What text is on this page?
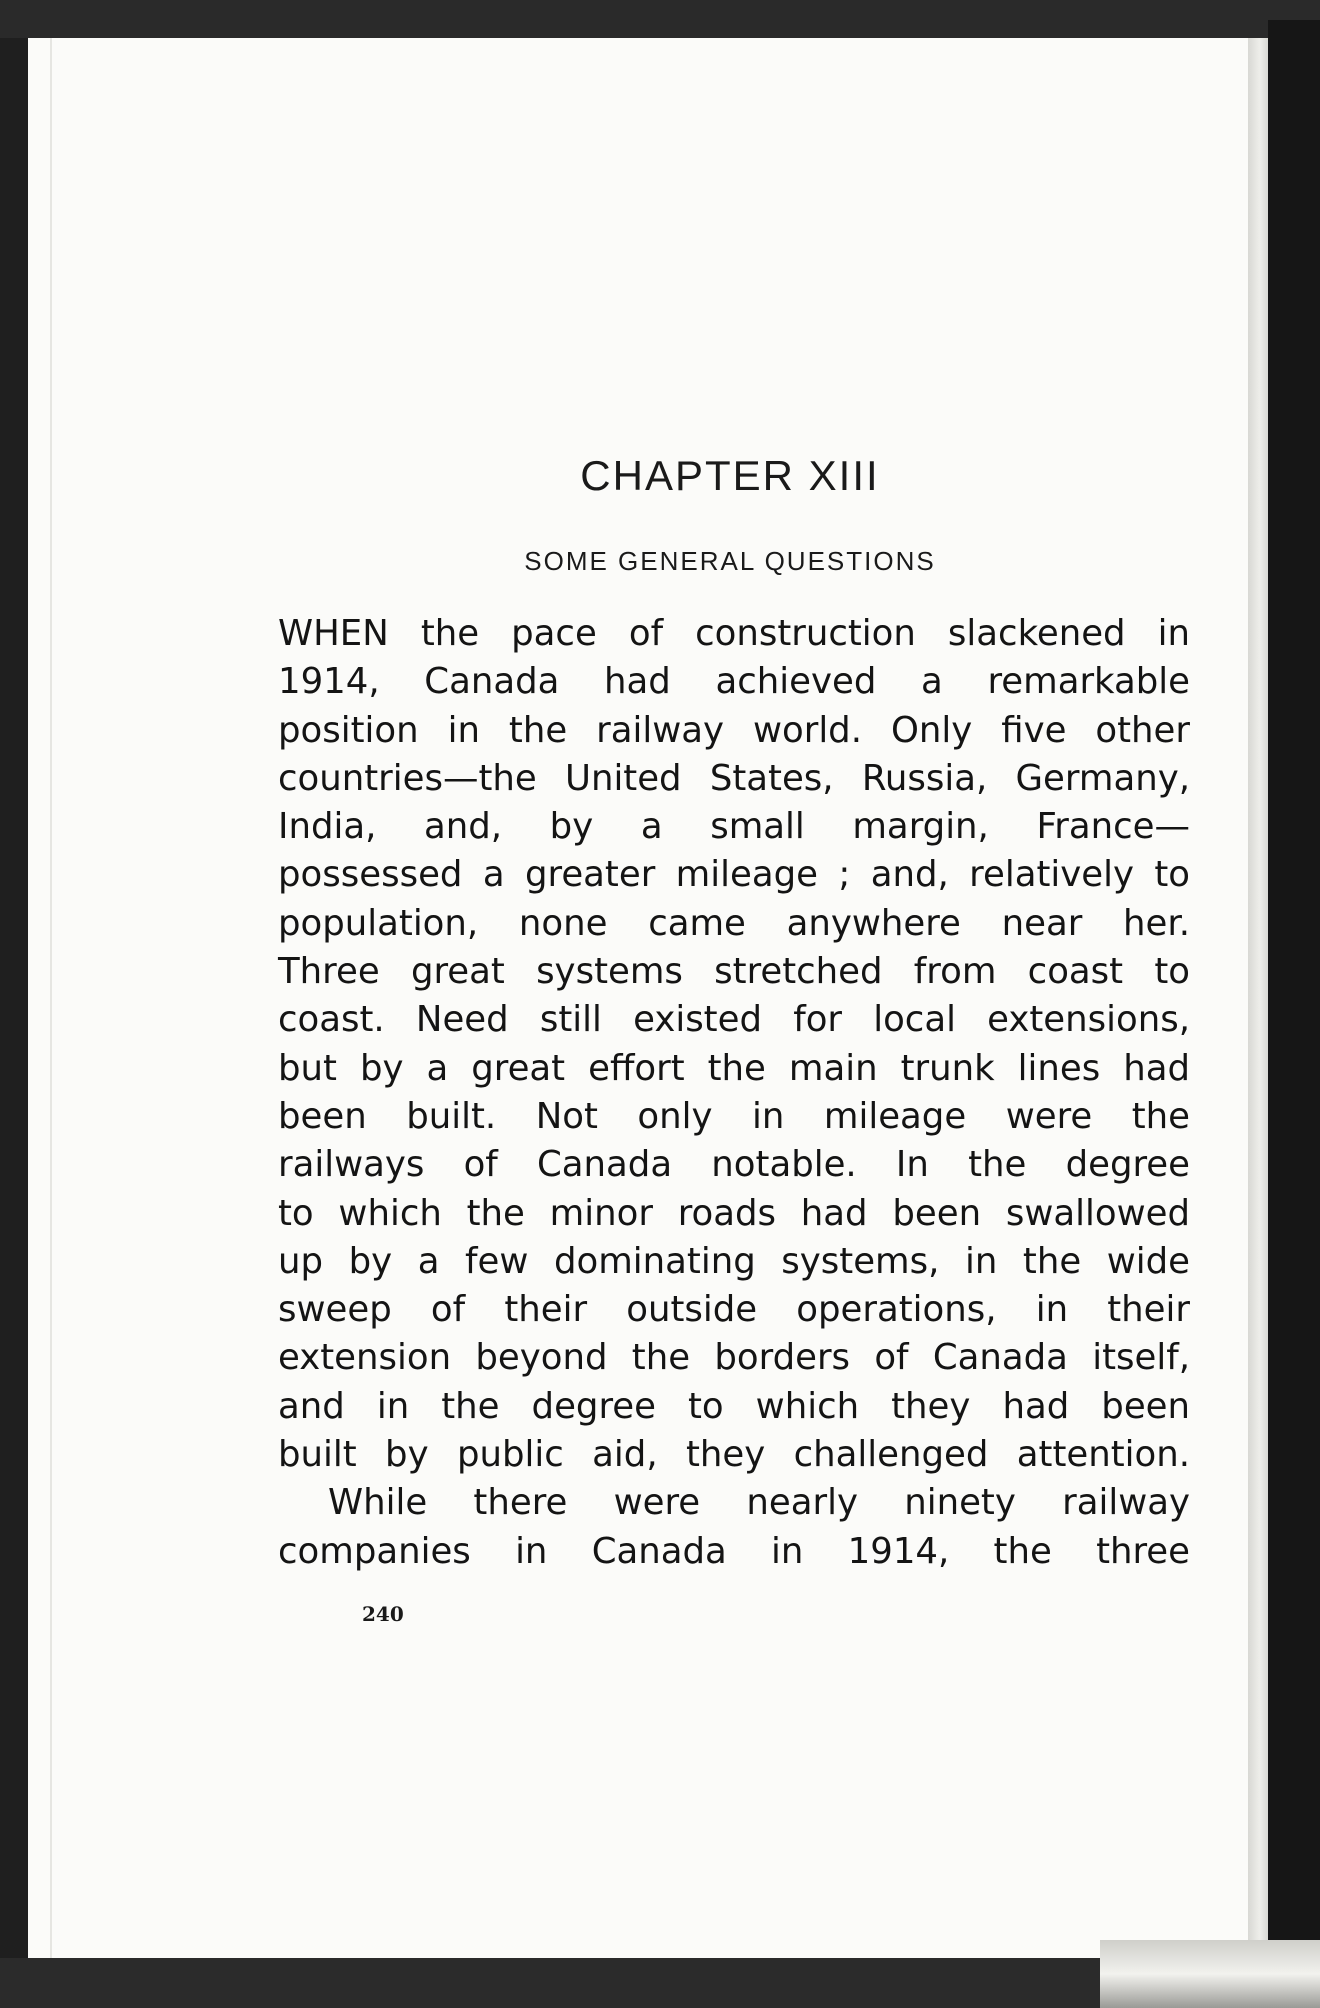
CHAPTER XIII
SOME GENERAL QUESTIONS
WHEN the pace of construction slackened in
1914, Canada had achieved a remarkable
position in the railway world. Only five other
countries—the United States, Russia, Germany,
India, and, by a small margin, France—
possessed a greater mileage ; and, relatively to
population, none came anywhere near her.
Three great systems stretched from coast to
coast. Need still existed for local extensions,
but by a great effort the main trunk lines had
been built. Not only in mileage were the
railways of Canada notable. In the degree
to which the minor roads had been swallowed
up by a few dominating systems, in the wide
sweep of their outside operations, in their
extension beyond the borders of Canada itself,
and in the degree to which they had been
built by public aid, they challenged attention.
While there were nearly ninety railway
companies in Canada in 1914, the three
240
